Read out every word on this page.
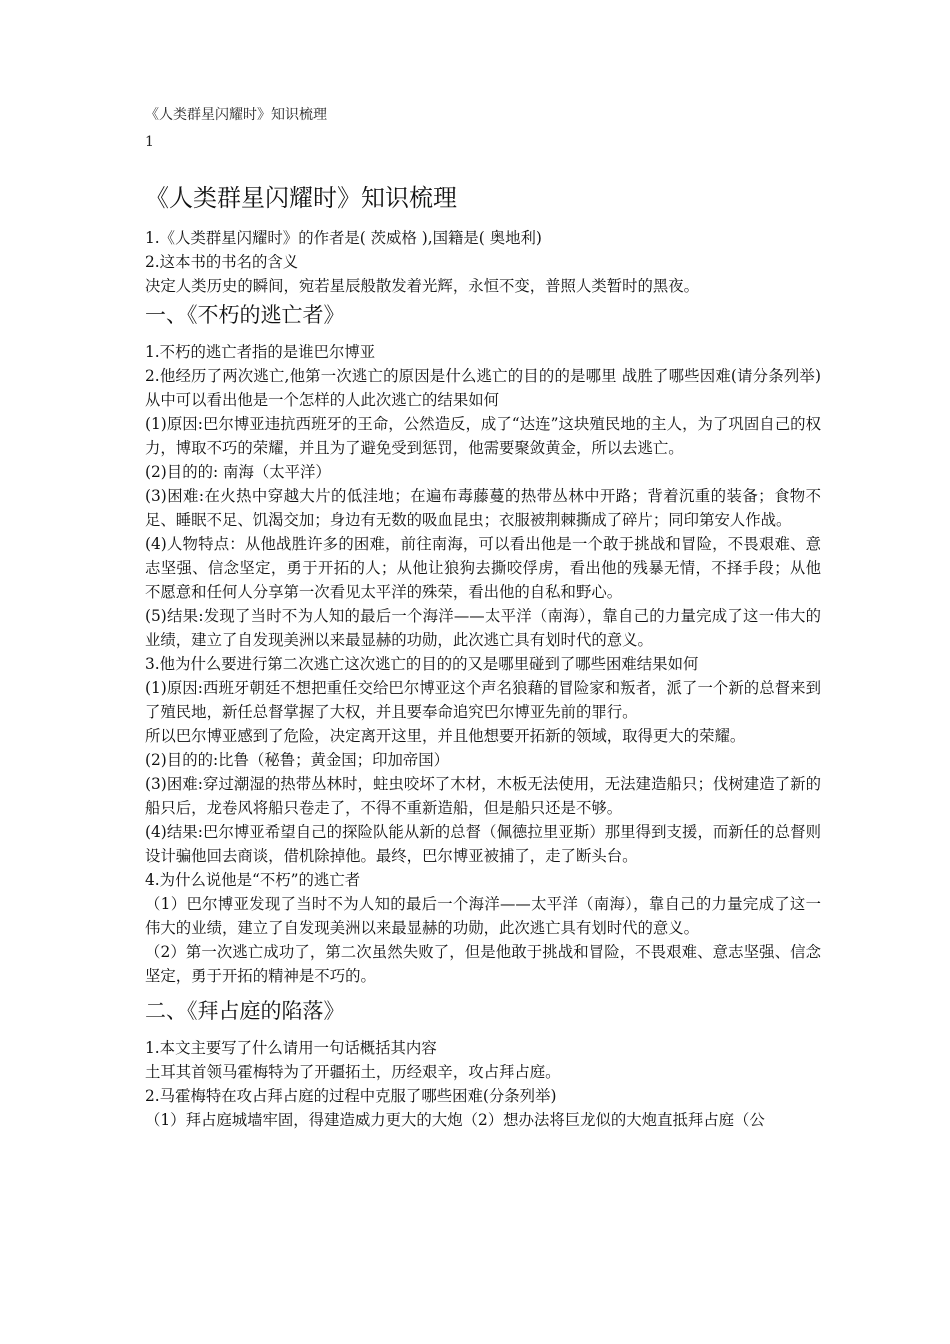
《人类群星闪耀时》知识梳理
1
《人类群星闪耀时》知识梳理

1.《人类群星闪耀时》的作者是( 茨威格 ),国籍是( 奥地利)

2.这本书的书名的含义

决定人类历史的瞬间，宛若星辰般散发着光辉，永恒不变，普照人类暂时的黑夜。

一、《不朽的逃亡者》

1.不朽的逃亡者指的是谁巴尔博亚

2.他经历了两次逃亡,他第一次逃亡的原因是什么逃亡的目的的是哪里 战胜了哪些因难(请分条列举) 从中可以看出他是一个怎样的人此次逃亡的结果如何

(1)原因:巴尔博亚违抗西班牙的王命，公然造反，成了“达连”这块殖民地的主人，为了巩固自己的权力，博取不巧的荣耀，并且为了避免受到惩罚，他需要聚敛黄金，所以去逃亡。

(2)目的的: 南海（太平洋）

(3)困难:在火热中穿越大片的低洼地；在遍布毒藤蔓的热带丛林中开路；背着沉重的装备；食物不足、睡眠不足、饥渴交加；身边有无数的吸血昆虫；衣服被荆棘撕成了碎片；同印第安人作战。

(4)人物特点：从他战胜许多的困难，前往南海，可以看出他是一个敢于挑战和冒险，不畏艰难、意志坚强、信念坚定，勇于开拓的人；从他让狼狗去撕咬俘虏，看出他的残暴无情，不择手段；从他不愿意和任何人分享第一次看见太平洋的殊荣，看出他的自私和野心。

(5)结果:发现了当时不为人知的最后一个海洋——太平洋（南海），靠自己的力量完成了这一伟大的业绩，建立了自发现美洲以来最显赫的功勋，此次逃亡具有划时代的意义。

3.他为什么要进行第二次逃亡这次逃亡的目的的又是哪里碰到了哪些困难结果如何

(1)原因:西班牙朝廷不想把重任交给巴尔博亚这个声名狼藉的冒险家和叛者，派了一个新的总督来到了殖民地，新任总督掌握了大权，并且要奉命追究巴尔博亚先前的罪行。

所以巴尔博亚感到了危险，决定离开这里，并且他想要开拓新的领域，取得更大的荣耀。

(2)目的的:比鲁（秘鲁；黄金国；印加帝国）

(3)困难:穿过潮湿的热带丛林时，蛀虫咬坏了木材，木板无法使用，无法建造船只；伐树建造了新的船只后，龙卷风将船只卷走了，不得不重新造船，但是船只还是不够。

(4)结果:巴尔博亚希望自己的探险队能从新的总督（佩德拉里亚斯）那里得到支援，而新任的总督则设计骗他回去商谈，借机除掉他。最终，巴尔博亚被捕了，走了断头台。

4.为什么说他是“不朽”的逃亡者

（1）巴尔博亚发现了当时不为人知的最后一个海洋——太平洋（南海），靠自己的力量完成了这一伟大的业绩，建立了自发现美洲以来最显赫的功勋，此次逃亡具有划时代的意义。

（2）第一次逃亡成功了，第二次虽然失败了，但是他敢于挑战和冒险，不畏艰难、意志坚强、信念坚定，勇于开拓的精神是不巧的。

二、《拜占庭的陷落》

1.本文主要写了什么请用一句话概括其内容

土耳其首领马霍梅特为了开疆拓土，历经艰辛，攻占拜占庭。

2.马霍梅特在攻占拜占庭的过程中克服了哪些困难(分条列举)

（1）拜占庭城墙牢固，得建造威力更大的大炮（2）想办法将巨龙似的大炮直抵拜占庭（公
